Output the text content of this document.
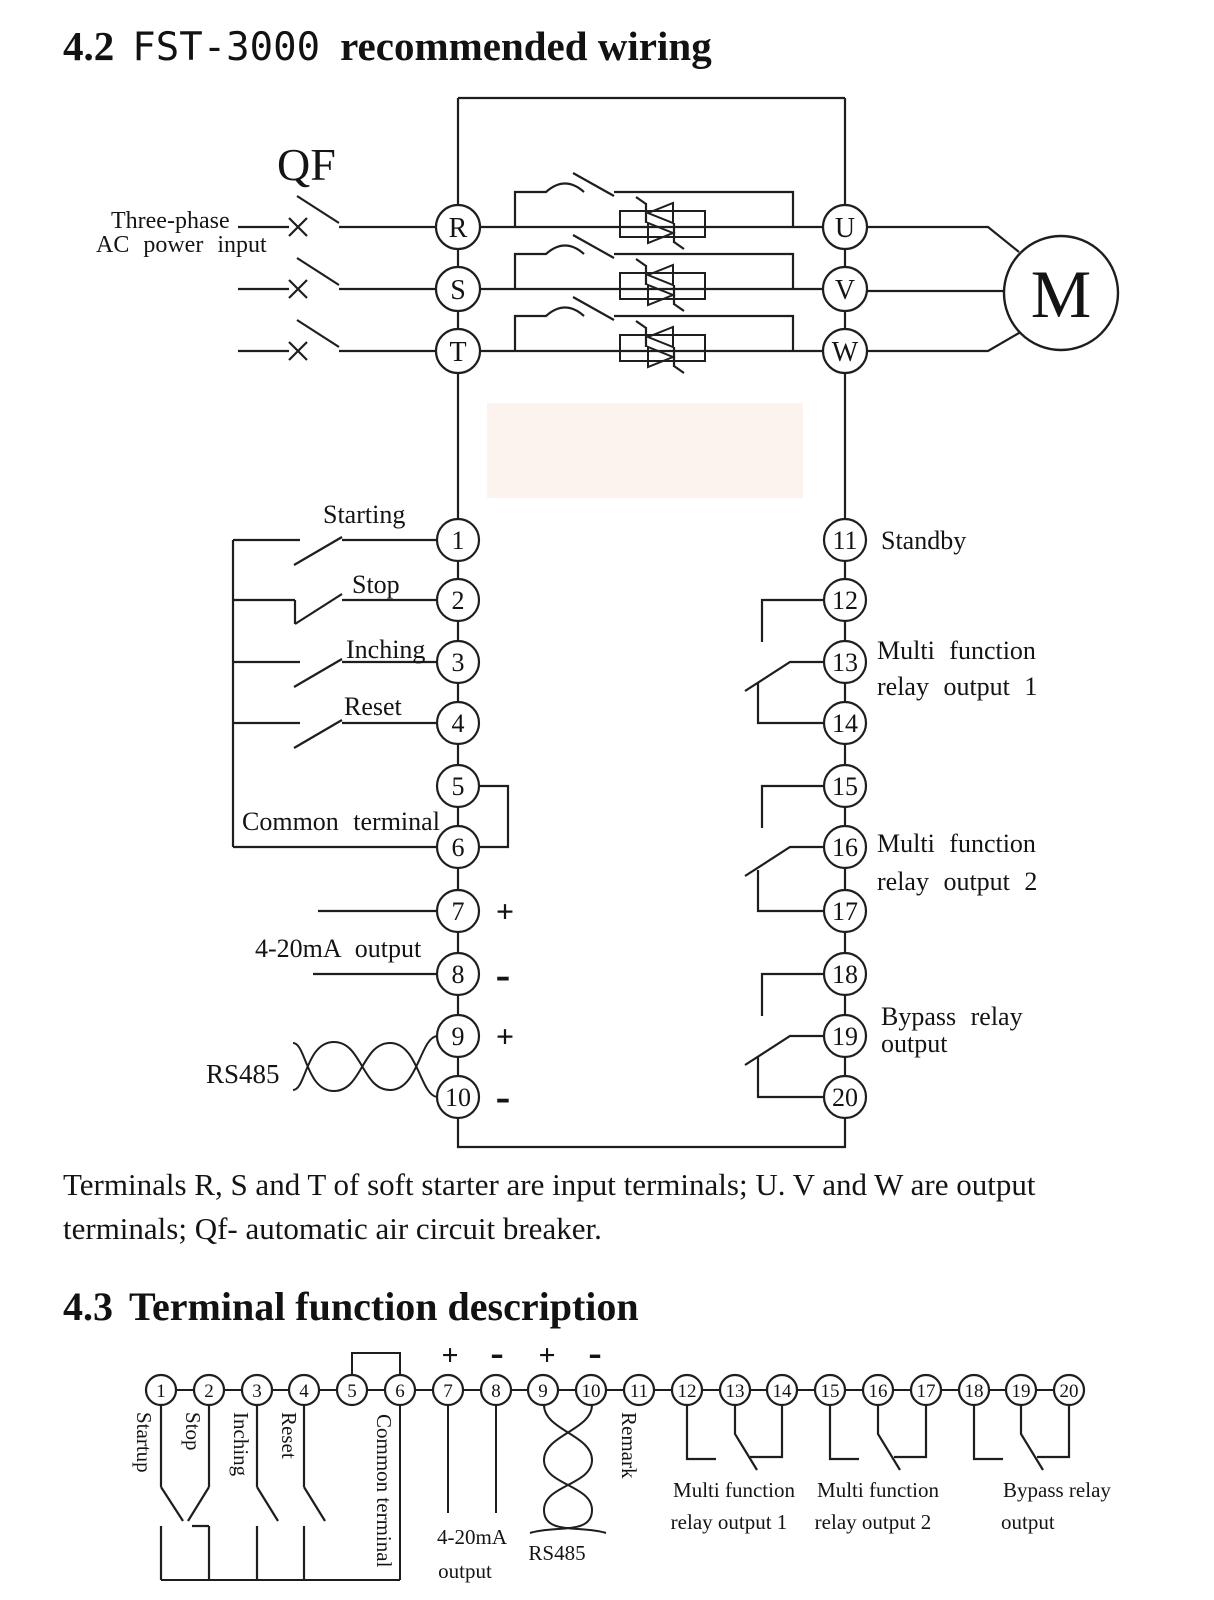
R
S
T
U
V
W
1
2
3
4
5
6
7
8
9
10
11
12
13
14
15
16
17
18
19
20
M
QF
Three-phase
AC power input
Starting
Stop
Inching
Reset
Common terminal
4-20mA output
RS485
+
-
+
-
Standby
Multi function
relay output 1
Multi function
relay output 2
Bypass relay
output
1 2 3 4 5 6 7 8 9 10 11 12 13 14 15 16 17 18 19 20
+ - + -
Startup Stop Inching Reset	Common terminal	Remark
4-20mA
output
RS485
Multi function
relay output 1
Multi function
relay output 2
Bypass relay
output
4.2 FST-3000 recommended wiring
Terminals R, S and T of soft starter are input terminals; U. V and W are output
terminals; Qf- automatic air circuit breaker.
4.3 Terminal function description
